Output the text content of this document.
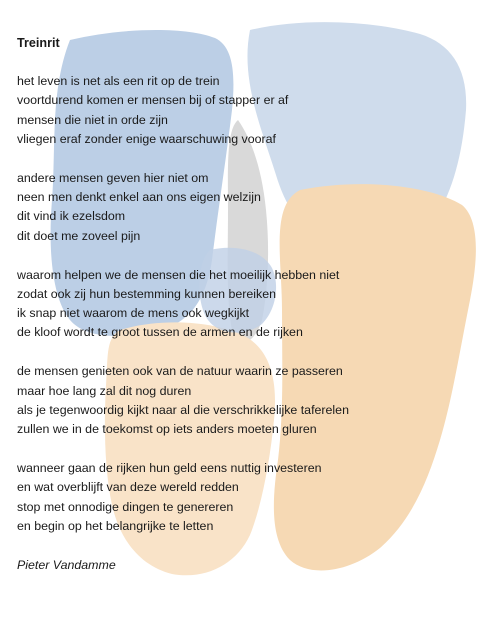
Treinrit
het leven is net als een rit op de trein
voortdurend komen er mensen bij of stapper er af
mensen die niet in orde zijn
vliegen eraf zonder enige waarschuwing vooraf
andere mensen geven hier niet om
neen men denkt enkel aan ons eigen welzijn
dit vind ik ezelsdom
dit doet me zoveel pijn
waarom helpen we de mensen die het moeilijk hebben niet
zodat ook zij hun bestemming kunnen bereiken
ik snap niet waarom de mens ook wegkijkt
de kloof wordt te groot tussen de armen en de rijken
de mensen genieten ook van de natuur waarin ze passeren
maar hoe lang zal dit nog duren
als je tegenwoordig kijkt naar al die verschrikkelijke taferelen
zullen we in de toekomst op iets anders moeten gluren
wanneer gaan de rijken hun geld eens nuttig investeren
en wat overblijft van deze wereld redden
stop met onnodige dingen te genereren
en begin op het belangrijke te letten
Pieter Vandamme
